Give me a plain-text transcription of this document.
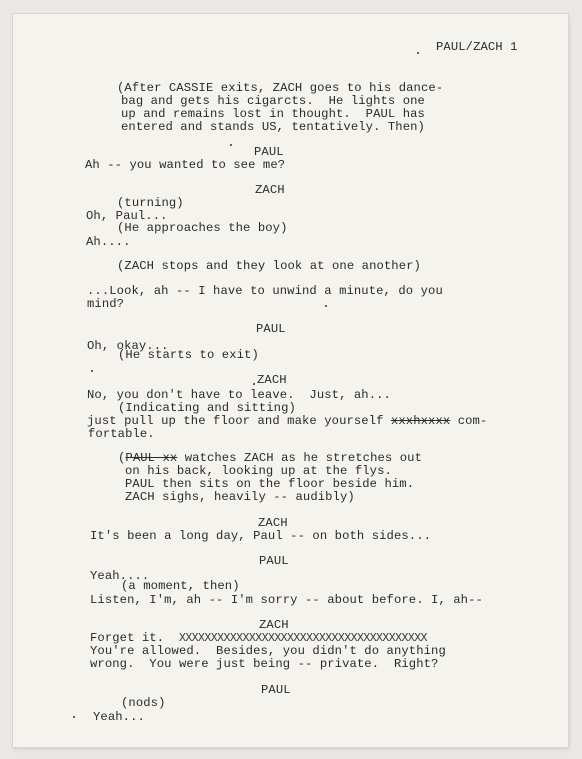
PAUL/ZACH 1
(After CASSIE exits, ZACH goes to his dance-
bag and gets his cigarcts.  He lights one
up and remains lost in thought.  PAUL has
entered and stands US, tentatively. Then)
PAUL
Ah -- you wanted to see me?
ZACH
(turning)
Oh, Paul...
(He approaches the boy)
Ah....
(ZACH stops and they look at one another)
...Look, ah -- I have to unwind a minute, do you
mind?
PAUL
Oh, okay...
(He starts to exit)
ZACH
No, you don't have to leave.  Just, ah...
(Indicating and sitting)
just pull up the floor and make yourself xxxhxxxx com-
fortable.
(PAUL xx watches ZACH as he stretches out
on his back, looking up at the flys.
PAUL then sits on the floor beside him.
ZACH sighs, heavily -- audibly)
ZACH
It's been a long day, Paul -- on both sides...
PAUL
Yeah....
(a moment, then)
Listen, I'm, ah -- I'm sorry -- about before. I, ah--
ZACH
Forget it.  XXXXXXXXXXXXXXXXXXXXXXXXXXXXXXXXXXXXXXX
You're allowed.  Besides, you didn't do anything
wrong.  You were just being -- private.  Right?
PAUL
(nods)
Yeah...
